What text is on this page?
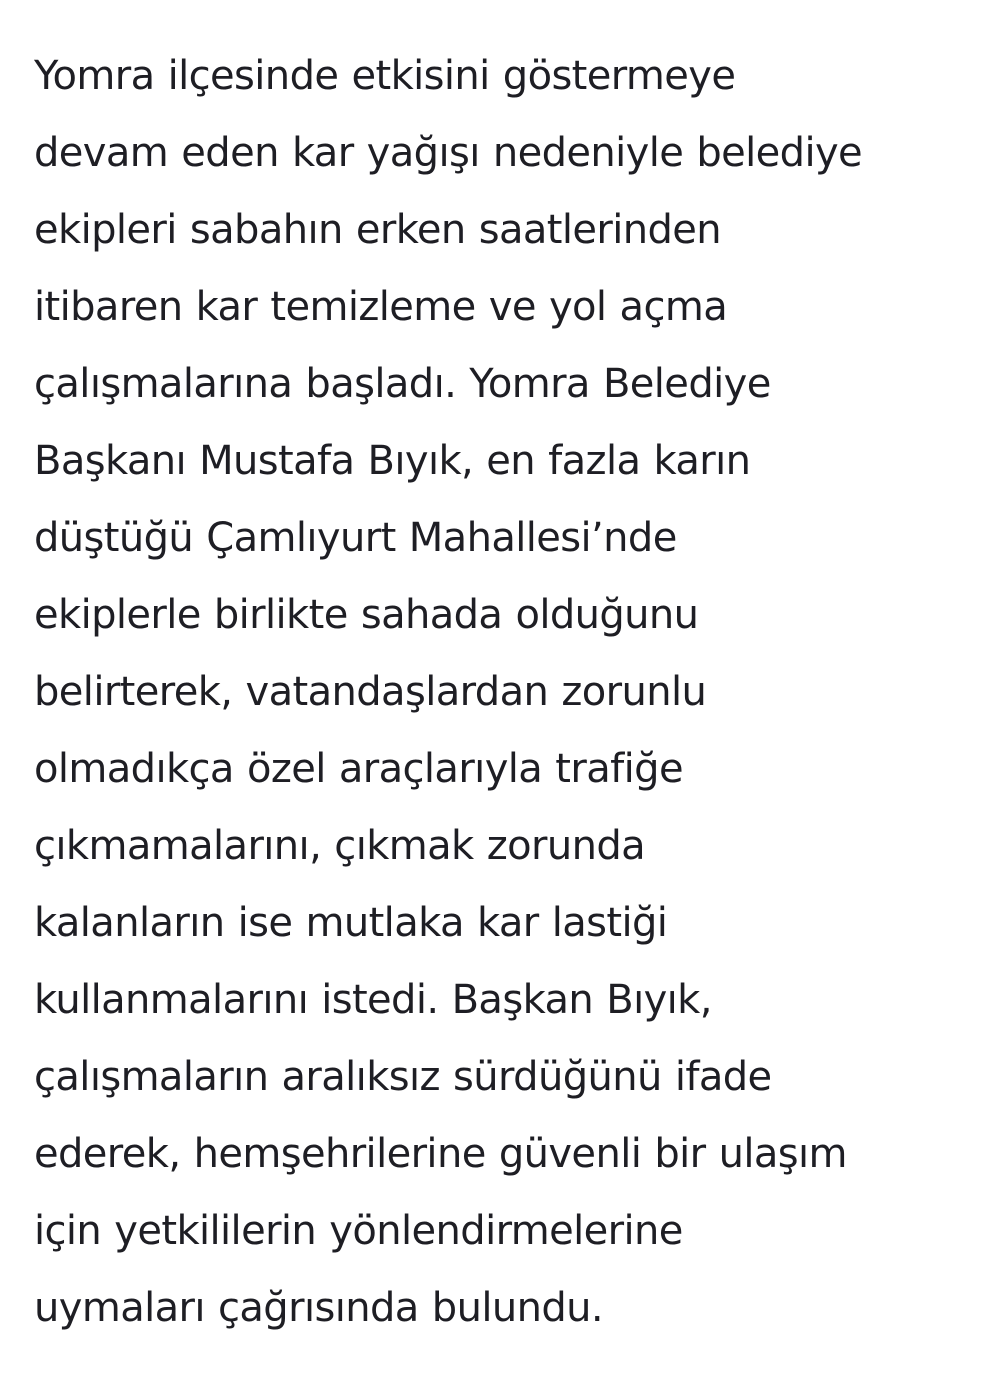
Yomra ilçesinde etkisini göstermeye
devam eden kar yağışı nedeniyle belediye
ekipleri sabahın erken saatlerinden
itibaren kar temizleme ve yol açma
çalışmalarına başladı. Yomra Belediye
Başkanı Mustafa Bıyık, en fazla karın
düştüğü Çamlıyurt Mahallesi’nde
ekiplerle birlikte sahada olduğunu
belirterek, vatandaşlardan zorunlu
olmadıkça özel araçlarıyla trafiğe
çıkmamalarını, çıkmak zorunda
kalanların ise mutlaka kar lastiği
kullanmalarını istedi. Başkan Bıyık,
çalışmaların aralıksız sürdüğünü ifade
ederek, hemşehrilerine güvenli bir ulaşım
için yetkililerin yönlendirmelerine
uymaları çağrısında bulundu.
